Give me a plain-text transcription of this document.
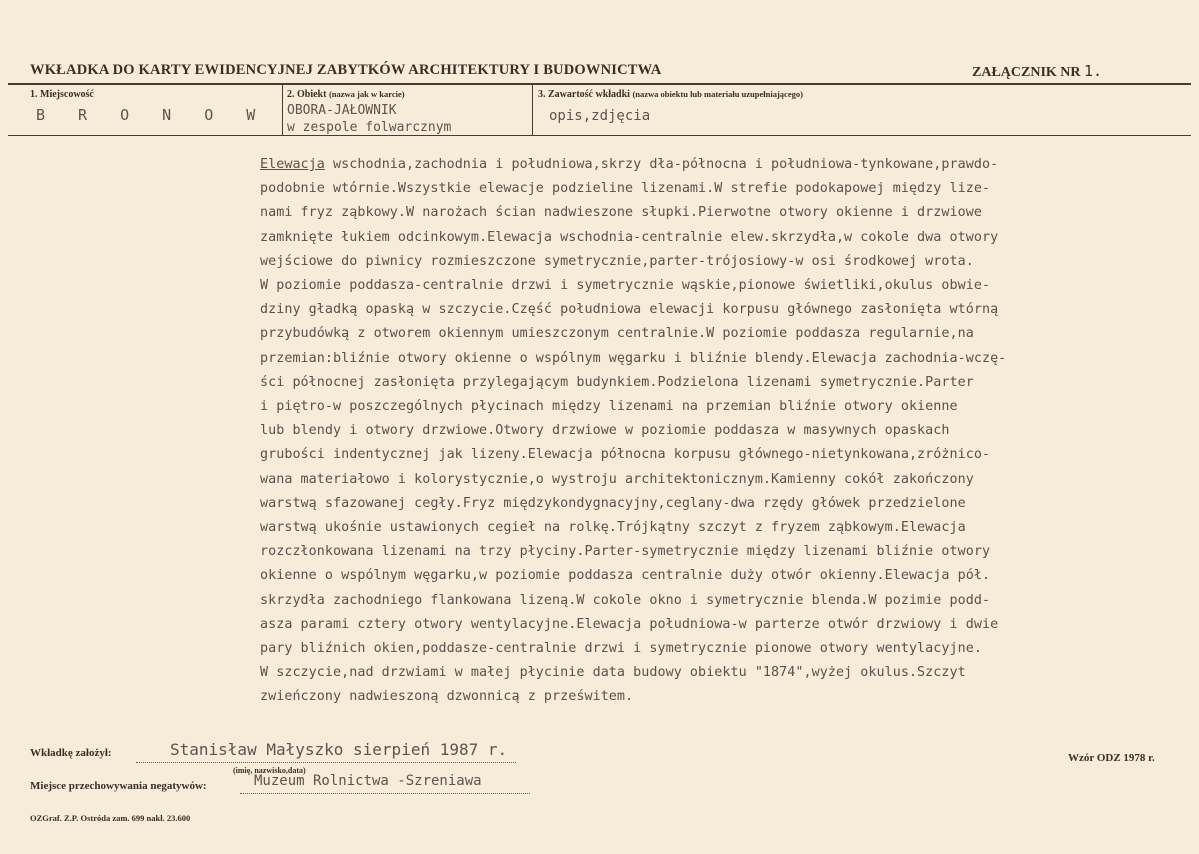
WKŁADKA DO KARTY EWIDENCYJNEJ ZABYTKÓW ARCHITEKTURY I BUDOWNICTWA	ZAŁĄCZNIK NR 1.
1. Miejscowość
B R O N O W
2. Obiekt (nazwa jak w karcie)
OBORA-JAŁOWNIK
w zespole folwarcznym
3. Zawartość wkładki (nazwa obiektu lub materiału uzupełniającego)
opis,zdjęcia
Elewacja wschodnia,zachodnia i południowa,skrzy dła-północna i południowa-tynkowane,prawdo-
podobnie wtórnie.Wszystkie elewacje podzieline lizenami.W strefie podokapowej między lize-
nami fryz ząbkowy.W narożach ścian nadwieszone słupki.Pierwotne otwory okienne i drzwiowe
zamknięte łukiem odcinkowym.Elewacja wschodnia-centralnie elew.skrzydła,w cokole dwa otwory
wejściowe do piwnicy rozmieszczone symetrycznie,parter-trójosiowy-w osi środkowej wrota.
W poziomie poddasza-centralnie drzwi i symetrycznie wąskie,pionowe świetliki,okulus obwie-
dziny gładką opaską w szczycie.Część południowa elewacji korpusu głównego zasłonięta wtórną
przybudówką z otworem okiennym umieszczonym centralnie.W poziomie poddasza regularnie,na
przemian:bliźnie otwory okienne o wspólnym węgarku i bliźnie blendy.Elewacja zachodnia-wczę-
ści północnej zasłonięta przylegającym budynkiem.Podzielona lizenami symetrycznie.Parter
i piętro-w poszczególnych płycinach między lizenami na przemian bliźnie otwory okienne
lub blendy i otwory drzwiowe.Otwory drzwiowe w poziomie poddasza w masywnych opaskach
grubości indentycznej jak lizeny.Elewacja północna korpusu głównego-nietynkowana,zróżnico-
wana materiałowo i kolorystycznie,o wystroju architektonicznym.Kamienny cokół zakończony
warstwą sfazowanej cegły.Fryz międzykondygnacyjny,ceglany-dwa rzędy główek przedzielone
warstwą ukośnie ustawionych cegieł na rolkę.Trójkątny szczyt z fryzem ząbkowym.Elewacja
rozczłonkowana lizenami na trzy płyciny.Parter-symetrycznie między lizenami bliźnie otwory
okienne o wspólnym węgarku,w poziomie poddasza centralnie duży otwór okienny.Elewacja pół.
skrzydła zachodniego flankowana lizeną.W cokole okno i symetrycznie blenda.W pozimie podd-
asza parami cztery otwory wentylacyjne.Elewacja południowa-w parterze otwór drzwiowy i dwie
pary bliźnich okien,poddasze-centralnie drzwi i symetrycznie pionowe otwory wentylacyjne.
W szczycie,nad drzwiami w małej płycinie data budowy obiektu "1874",wyżej okulus.Szczyt
zwieńczony nadwieszoną dzwonnicą z prześwitem.
Wkładkę założył:	Stanisław Małyszko sierpień 1987 r.
(imię, nazwisko,data)
Miejsce przechowywania negatywów:	Muzeum Rolnictwa -Szreniawa
Wzór ODZ 1978 r.
OZGraf. Z.P. Ostróda zam. 699 nakł. 23.600
